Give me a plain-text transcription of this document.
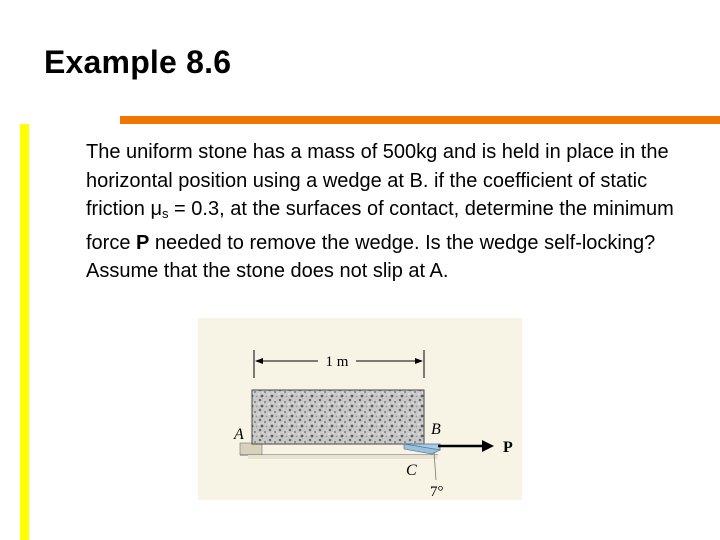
Example 8.6
The uniform stone has a mass of 500kg and is held in place in the horizontal position using a wedge at B. if the coefficient of static friction $\mu_s = 0.3$, at the surfaces of contact, determine the minimum force P needed to remove the wedge. Is the wedge self-locking? Assume that the stone does not slip at A.
1 m
A	B
C
P
7°
